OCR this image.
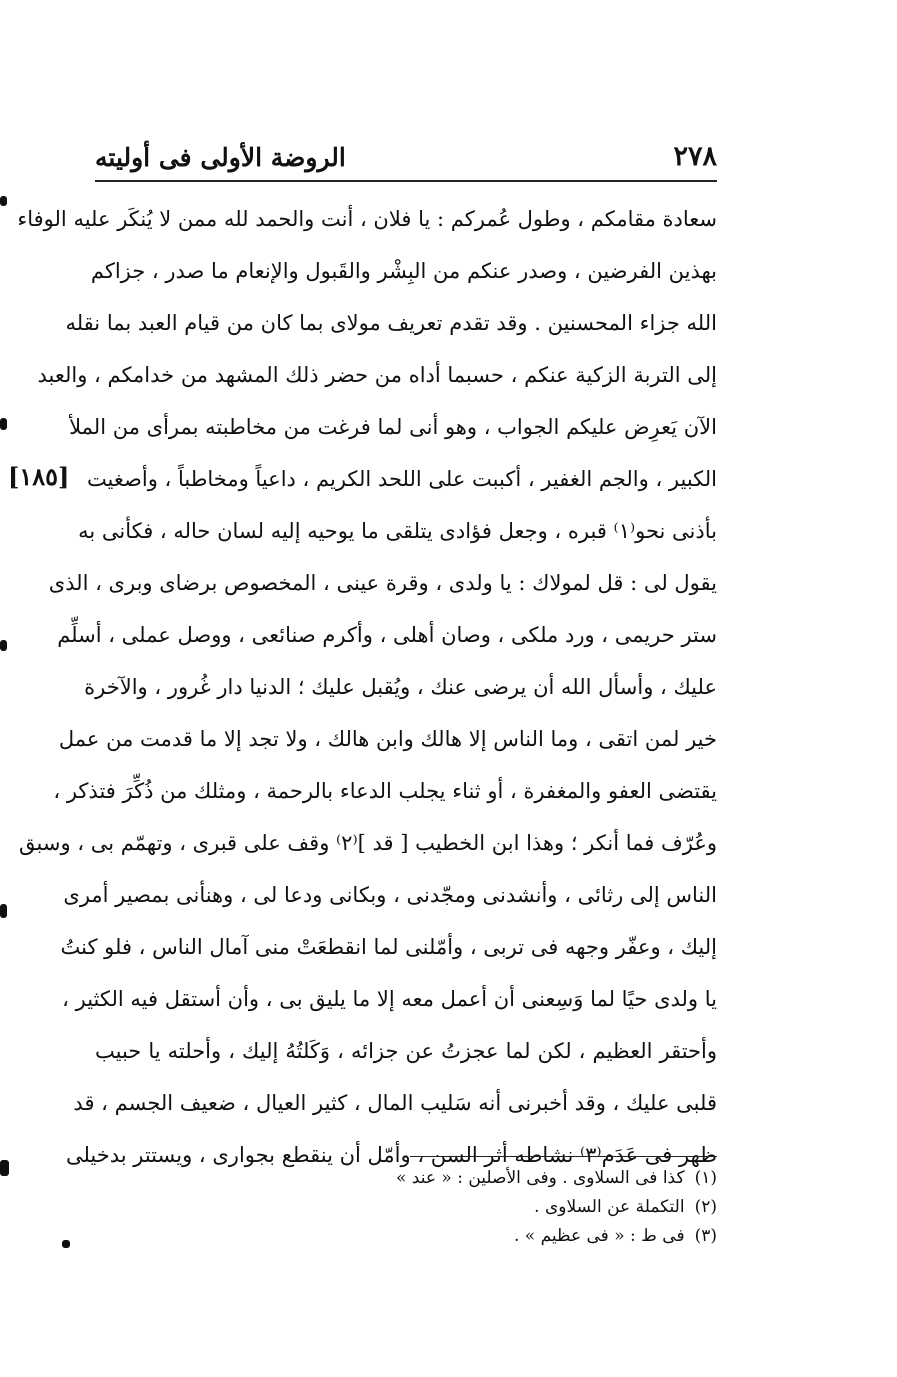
٢٧٨
الروضة الأولى فى أوليته
[١٨٥]
سعادة مقامكم ، وطول عُمركم : يا فلان ، أنت والحمد لله ممن لا يُنكَر عليه الوفاء
بهذين الفرضين ، وصدر عنكم من البِشْر والقَبول والإنعام ما صدر ، جزاكم
الله جزاء المحسنين . وقد تقدم تعريف مولاى بما كان من قيام العبد بما نقله
إلى التربة الزكية عنكم ، حسبما أداه من حضر ذلك المشهد من خدامكم ، والعبد
الآن يَعرِض عليكم الجواب ، وهو أنى لما فرغت من مخاطبته بمرأى من الملأ
الكبير ، والجم الغفير ، أكببت على اللحد الكريم ، داعياً ومخاطباً ، وأصغيت
بأذنى نحو⁽١⁾ قبره ، وجعل فؤادى يتلقى ما يوحيه إليه لسان حاله ، فكأنى به
يقول لى : قل لمولاك : يا ولدى ، وقرة عينى ، المخصوص برضاى وبرى ، الذى
ستر حريمى ، ورد ملكى ، وصان أهلى ، وأكرم صنائعى ، ووصل عملى ، أسلِّم
عليك ، وأسأل الله أن يرضى عنك ، ويُقبل عليك ؛ الدنيا دار غُرور ، والآخرة
خير لمن اتقى ، وما الناس إلا هالك وابن هالك ، ولا تجد إلا ما قدمت من عمل
يقتضى العفو والمغفرة ، أو ثناء يجلب الدعاء بالرحمة ، ومثلك من ذُكِّرَ فتذكر ،
وعُرّف فما أنكر ؛ وهذا ابن الخطيب [ قد ]⁽٢⁾ وقف على قبرى ، وتهمّم بى ، وسبق
الناس إلى رثائى ، وأنشدنى ومجّدنى ، وبكانى ودعا لى ، وهنأنى بمصير أمرى
إليك ، وعفّر وجهه فى تربى ، وأمّلنى لما انقطعَتْ منى آمال الناس ، فلو كنتُ
يا ولدى حيًا لما وَسِعنى أن أعمل معه إلا ما يليق بى ، وأن أستقل فيه الكثير ،
وأحتقر العظيم ، لكن لما عجزتُ عن جزائه ، وَكَلتُهُ إليك ، وأحلته يا حبيب
قلبى عليك ، وقد أخبرنى أنه سَليب المال ، كثير العيال ، ضعيف الجسم ، قد
ظهر فى عَدَم⁽٣⁾ نشاطه أثر السن ، وأمّل أن ينقطع بجوارى ، ويستتر بدخيلى
(١)كذا فى السلاوى . وفى الأصلين : « عند »
(٢)التكملة عن السلاوى .
(٣)فى ط : « فى عظيم » .
